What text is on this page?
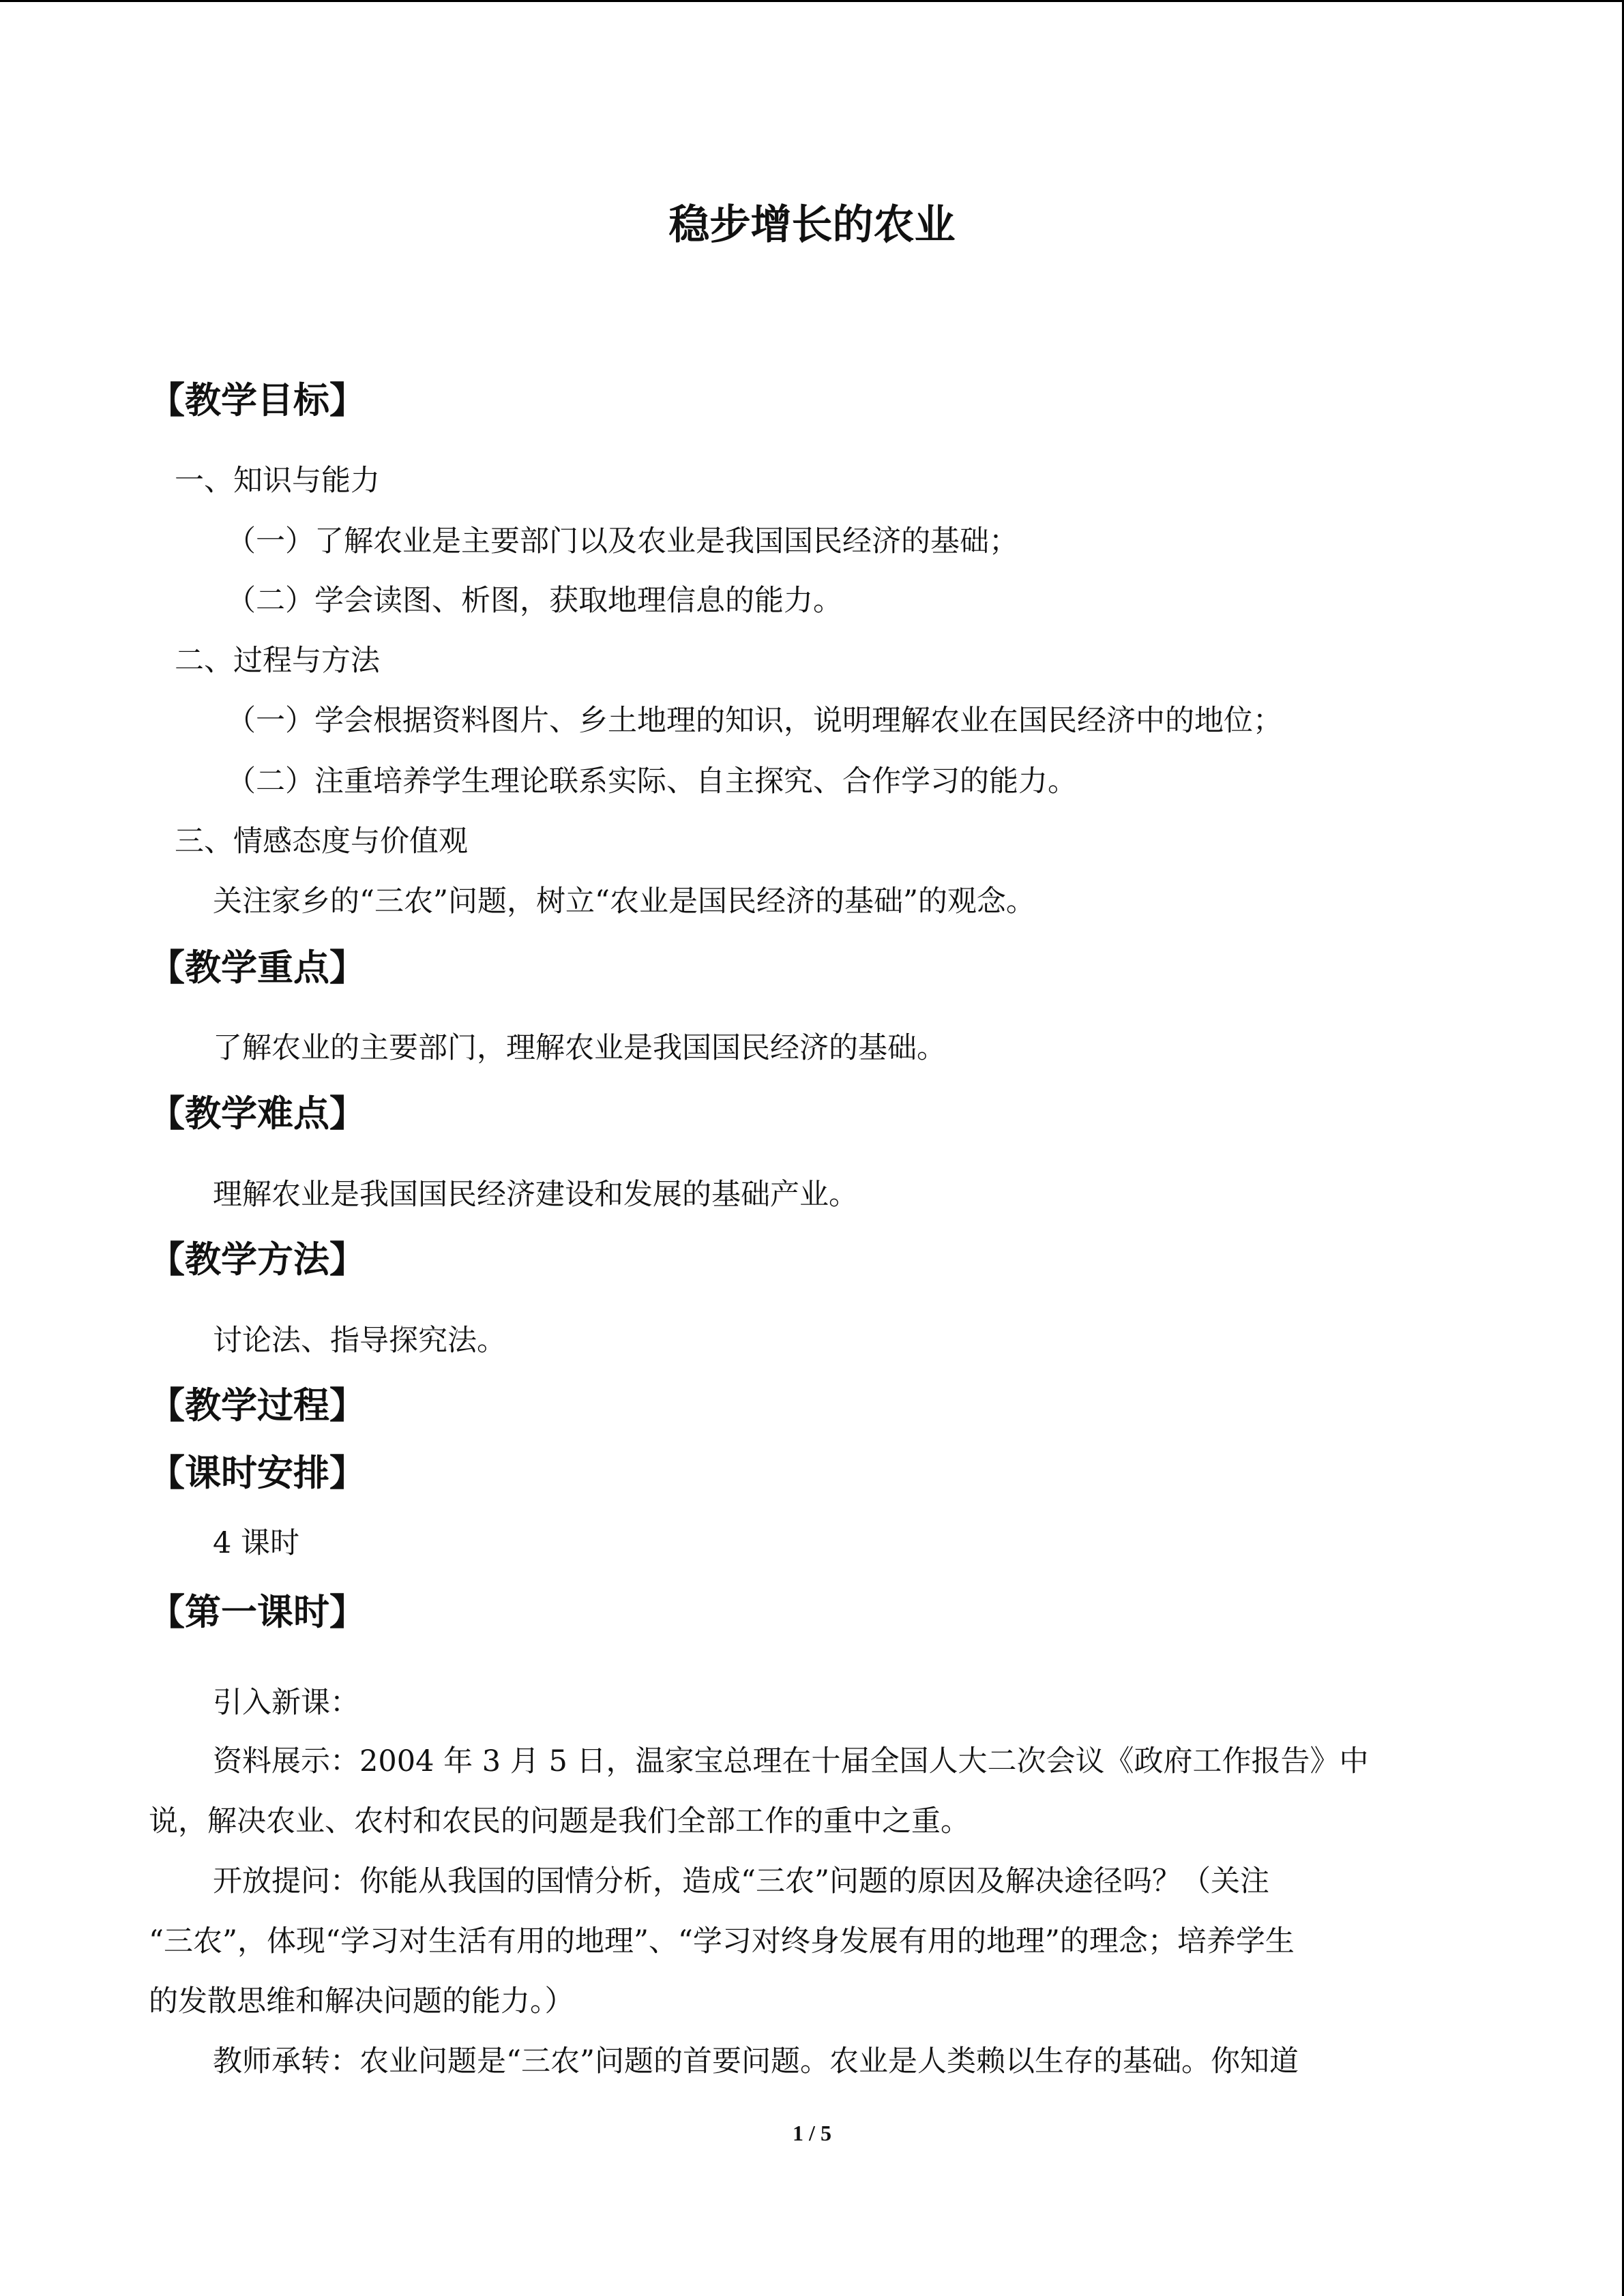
稳步增长的农业
【教学目标】
一、知识与能力
（一）了解农业是主要部门以及农业是我国国民经济的基础；
（二）学会读图、析图，获取地理信息的能力。
二、过程与方法
（一）学会根据资料图片、乡土地理的知识，说明理解农业在国民经济中的地位；
（二）注重培养学生理论联系实际、自主探究、合作学习的能力。
三、情感态度与价值观
关注家乡的“三农”问题，树立“农业是国民经济的基础”的观念。
【教学重点】
了解农业的主要部门，理解农业是我国国民经济的基础。
【教学难点】
理解农业是我国国民经济建设和发展的基础产业。
【教学方法】
讨论法、指导探究法。
【教学过程】
【课时安排】
4 课时
【第一课时】
引入新课：
资料展示：2004 年 3 月 5 日，温家宝总理在十届全国人大二次会议《政府工作报告》中
说，解决农业、农村和农民的问题是我们全部工作的重中之重。
开放提问：你能从我国的国情分析，造成“三农”问题的原因及解决途径吗？（关注
“三农”，体现“学习对生活有用的地理”、“学习对终身发展有用的地理”的理念；培养学生
的发散思维和解决问题的能力。）
教师承转：农业问题是“三农”问题的首要问题。农业是人类赖以生存的基础。你知道
1 / 5
